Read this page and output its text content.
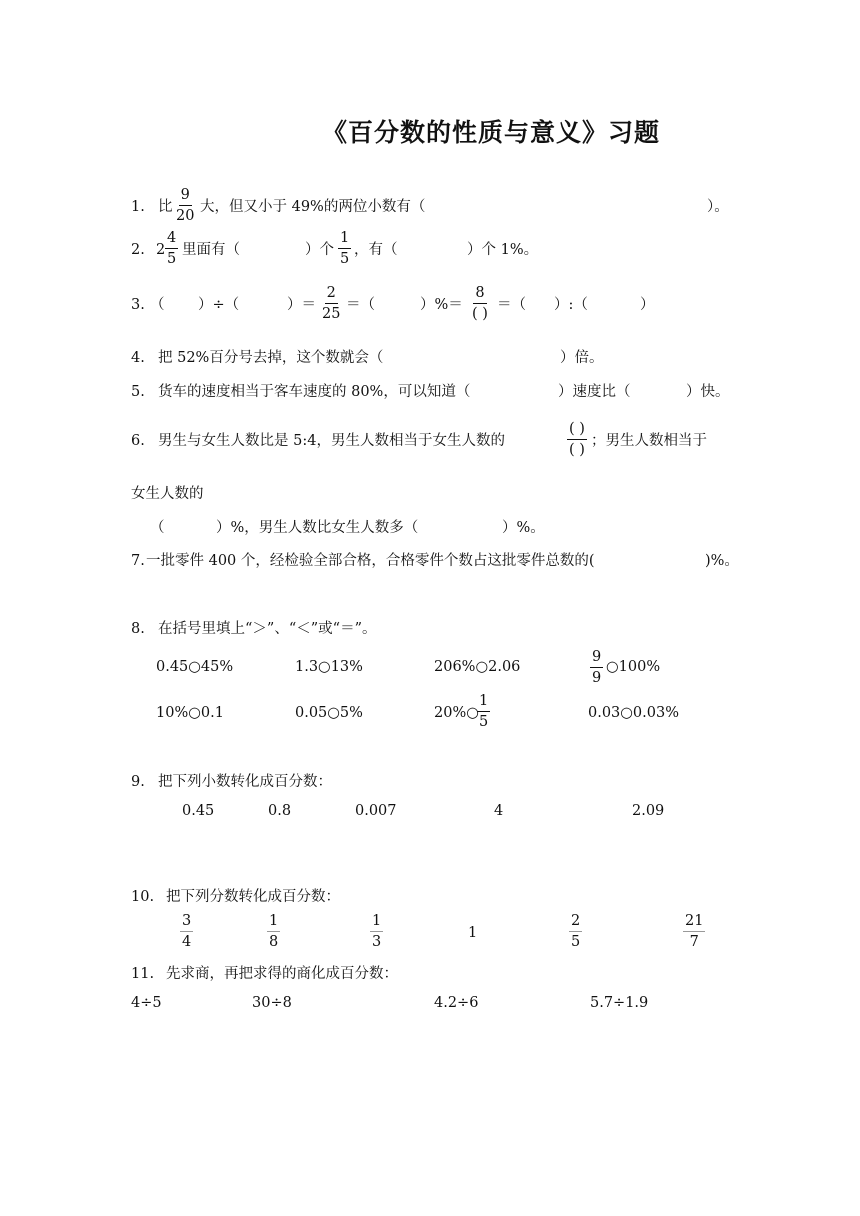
《百分数的性质与意义》习题
1. 比 $\frac{9}{20}$ 大，但又小于 49%的两位小数有（	）。
2. $2 \frac{4}{5}$ 里面有（	）个 $\frac{1}{5}$ ，有（	）个 1%。
3. （ ）÷（	）＝ $\frac{2}{25}$ ＝（	）%＝
8
( )
＝（ ）:（	）
4. 把 52%百分号去掉，这个数就会（	）倍。
5. 货车的速度相当于客车速度的 80%，可以知道（	）速度比（	）快。
6. 男生与女生人数比是 5:4，男生人数相当于女生人数的
( )
( )
；男生人数相当于
女生人数的
（	）%，男生人数比女生人数多（	）%。
7. 一批零件 400 个，经检验全部合格，合格零件个数占这批零件总数的(	)%。
8. 在括号里填上“＞”、“＜”或“＝”。
0.45○45%	1.3○13%	206%○2.06	$\frac{9}{9}$ ○100%
10%○0.1	0.05○5%	20%○
$\frac{1}{5}$	0.03○0.03%
9. 把下列小数转化成百分数：
0.45	0.8	0.007	4	2.09
10. 把下列分数转化成百分数：
$\frac{3}{4}$	$\frac{1}{8}$	$\frac{1}{3}$	1	$\frac{2}{5}$	$\frac{21}{7}$
11. 先求商，再把求得的商化成百分数：
4÷5	30÷8	4.2÷6	5.7÷1.9
